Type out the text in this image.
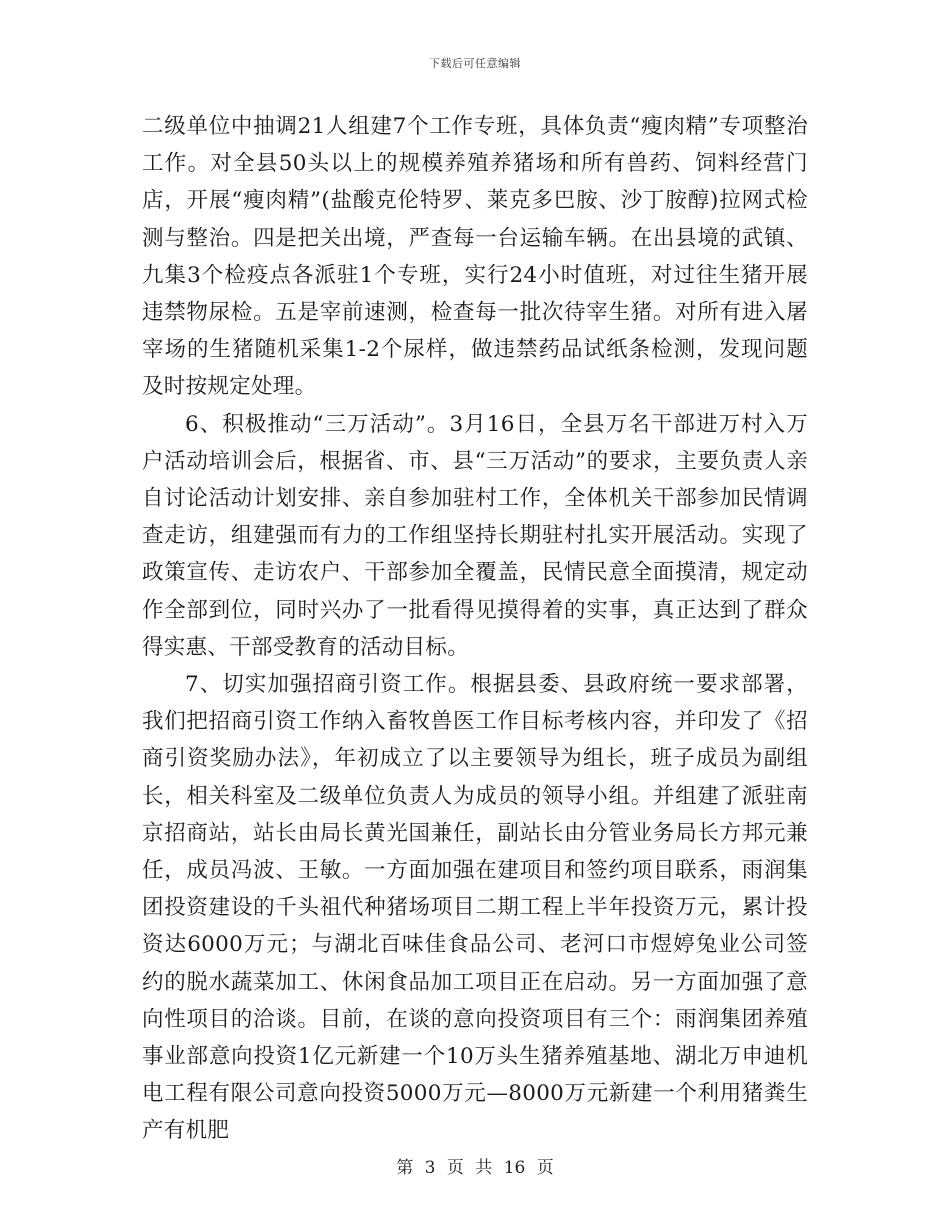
下载后可任意编辑

二级单位中抽调21人组建7个工作专班，具体负责“瘦肉精”专项整治工作。对全县50头以上的规模养殖养猪场和所有兽药、饲料经营门店，开展“瘦肉精”(盐酸克伦特罗、莱克多巴胺、沙丁胺醇)拉网式检测与整治。四是把关出境，严查每一台运输车辆。在出县境的武镇、九集3个检疫点各派驻1个专班，实行24小时值班，对过往生猪开展违禁物尿检。五是宰前速测，检查每一批次待宰生猪。对所有进入屠宰场的生猪随机采集1-2个尿样，做违禁药品试纸条检测，发现问题及时按规定处理。

6、积极推动“三万活动”。3月16日，全县万名干部进万村入万户活动培训会后，根据省、市、县“三万活动”的要求，主要负责人亲自讨论活动计划安排、亲自参加驻村工作，全体机关干部参加民情调查走访，组建强而有力的工作组坚持长期驻村扎实开展活动。实现了政策宣传、走访农户、干部参加全覆盖，民情民意全面摸清，规定动作全部到位，同时兴办了一批看得见摸得着的实事，真正达到了群众得实惠、干部受教育的活动目标。

7、切实加强招商引资工作。根据县委、县政府统一要求部署，我们把招商引资工作纳入畜牧兽医工作目标考核内容，并印发了《招商引资奖励办法》，年初成立了以主要领导为组长，班子成员为副组长，相关科室及二级单位负责人为成员的领导小组。并组建了派驻南京招商站，站长由局长黄光国兼任，副站长由分管业务局长方邦元兼任，成员冯波、王敏。一方面加强在建项目和签约项目联系，雨润集团投资建设的千头祖代种猪场项目二期工程上半年投资万元，累计投资达6000万元；与湖北百味佳食品公司、老河口市煜婷兔业公司签约的脱水蔬菜加工、休闲食品加工项目正在启动。另一方面加强了意向性项目的洽谈。目前，在谈的意向投资项目有三个：雨润集团养殖事业部意向投资1亿元新建一个10万头生猪养殖基地、湖北万申迪机电工程有限公司意向投资5000万元—8000万元新建一个利用猪粪生产有机肥

第 3 页 共 16 页
